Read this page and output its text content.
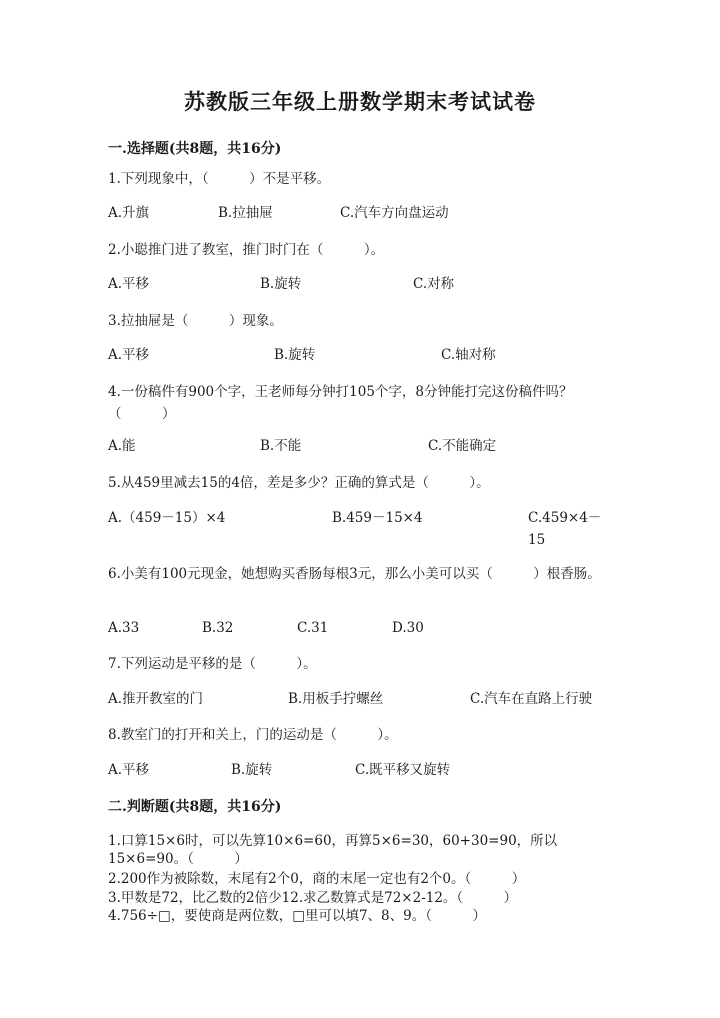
苏教版三年级上册数学期末考试试卷
一.选择题(共8题，共16分)
1.下列现象中，（　　　）不是平移。
A.升旗	B.拉抽屉	C.汽车方向盘运动
2.小聪推门进了教室，推门时门在（　　　）。
A.平移	B.旋转	C.对称
3.拉抽屉是（　　　）现象。
A.平移	B.旋转	C.轴对称
4.一份稿件有900个字，王老师每分钟打105个字，8分钟能打完这份稿件吗？（　　　）
A.能	B.不能	C.不能确定
5.从459里减去15的4倍，差是多少？正确的算式是（　　　）。
A.（459－15）×4	B.459－15×4	C.459×4－15
6.小美有100元现金，她想购买香肠每根3元，那么小美可以买（　　　）根香肠。
A.33	B.32	C.31	D.30
7.下列运动是平移的是（　　　）。
A.推开教室的门	B.用板手拧螺丝	C.汽车在直路上行驶
8.教室门的打开和关上，门的运动是（　　　）。
A.平移	B.旋转	C.既平移又旋转
二.判断题(共8题，共16分)
1.口算15×6时，可以先算10×6=60，再算5×6=30，60+30=90，所以15×6=90。（　　　）
2.200作为被除数，末尾有2个0，商的末尾一定也有2个0。（　　　）
3.甲数是72，比乙数的2倍少12.求乙数算式是72×2-12。（　　　）
4.756÷□，要使商是两位数，□里可以填7、8、9。（　　　）
